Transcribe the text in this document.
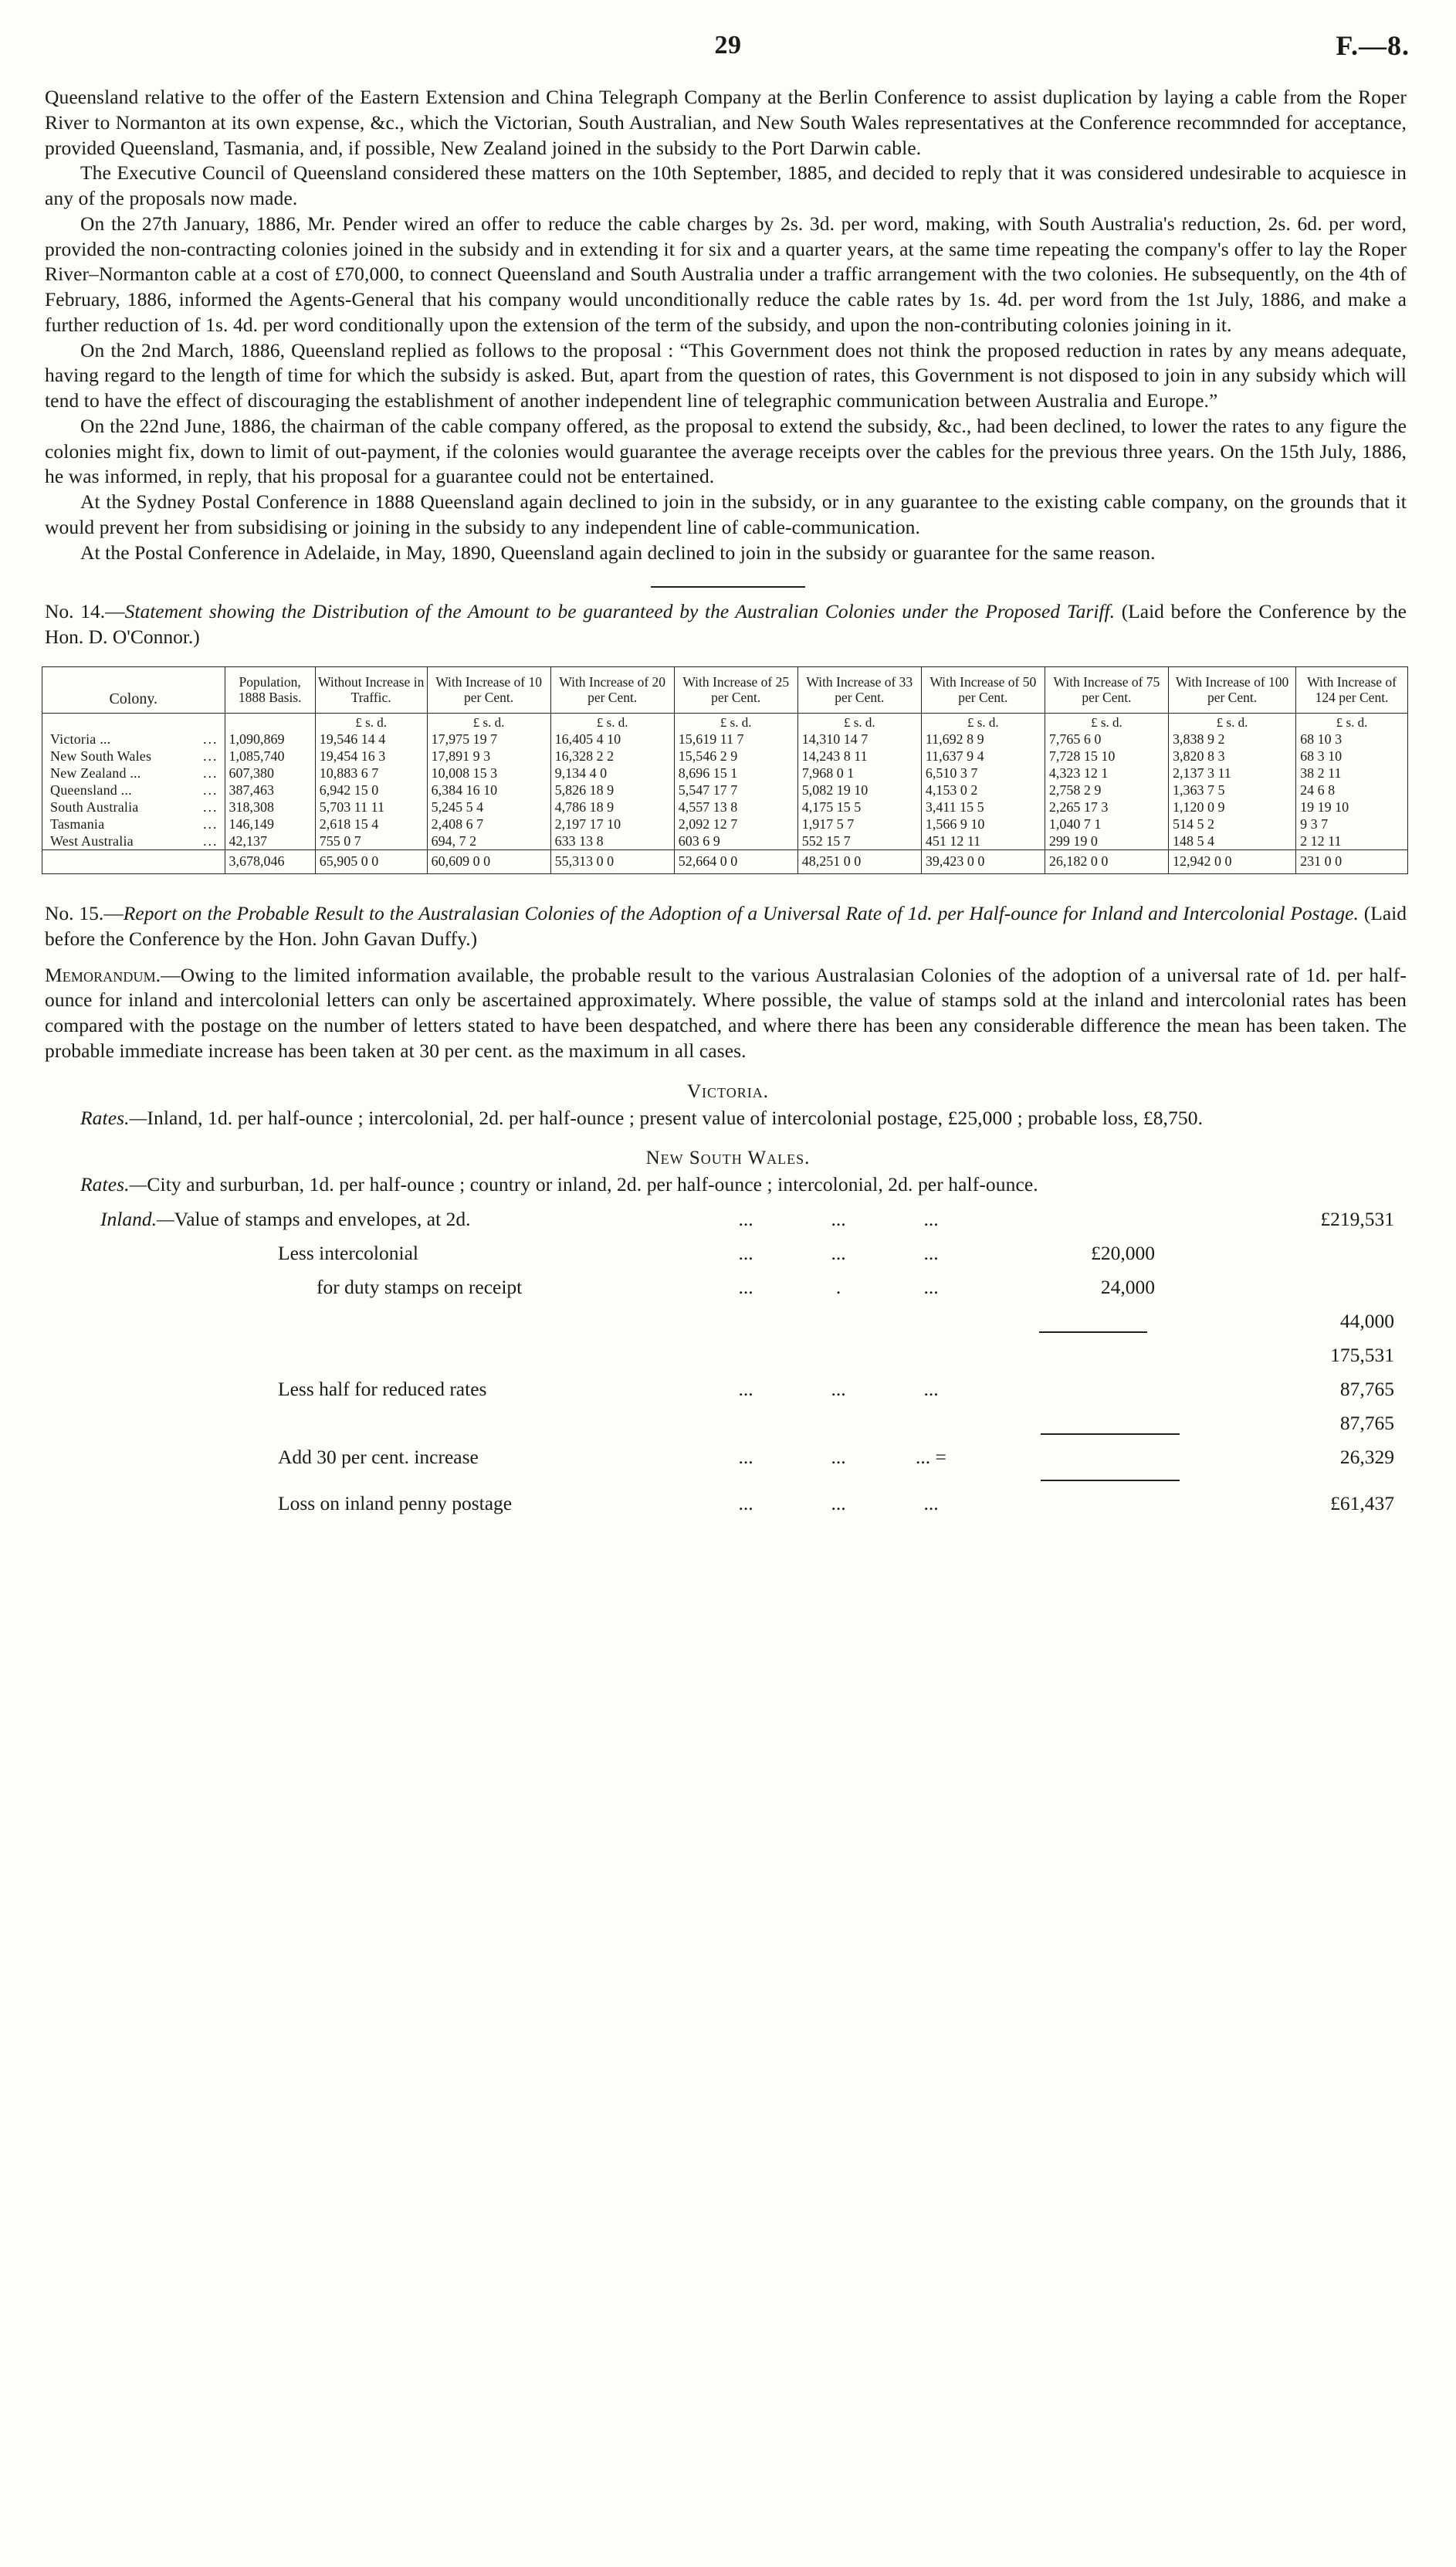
29	F.—8.

Queensland relative to the offer of the Eastern Extension and China Telegraph Company at the Berlin Conference to assist duplication by laying a cable from the Roper River to Normanton at its own expense, &c., which the Victorian, South Australian, and New South Wales representatives at the Conference recommnded for acceptance, provided Queensland, Tasmania, and, if possible, New Zealand joined in the subsidy to the Port Darwin cable.

The Executive Council of Queensland considered these matters on the 10th September, 1885, and decided to reply that it was considered undesirable to acquiesce in any of the proposals now made.

On the 27th January, 1886, Mr. Pender wired an offer to reduce the cable charges by 2s. 3d. per word, making, with South Australia's reduction, 2s. 6d. per word, provided the non-contracting colonies joined in the subsidy and in extending it for six and a quarter years, at the same time repeating the company's offer to lay the Roper River–Normanton cable at a cost of £70,000, to connect Queensland and South Australia under a traffic arrangement with the two colonies. He subsequently, on the 4th of February, 1886, informed the Agents-General that his company would unconditionally reduce the cable rates by 1s. 4d. per word from the 1st July, 1886, and make a further reduction of 1s. 4d. per word conditionally upon the extension of the term of the subsidy, and upon the non-contributing colonies joining in it.

On the 2nd March, 1886, Queensland replied as follows to the proposal : “This Government does not think the proposed reduction in rates by any means adequate, having regard to the length of time for which the subsidy is asked. But, apart from the question of rates, this Government is not disposed to join in any subsidy which will tend to have the effect of discouraging the establishment of another independent line of telegraphic communication between Australia and Europe.”

On the 22nd June, 1886, the chairman of the cable company offered, as the proposal to extend the subsidy, &c., had been declined, to lower the rates to any figure the colonies might fix, down to limit of out-payment, if the colonies would guarantee the average receipts over the cables for the previous three years. On the 15th July, 1886, he was informed, in reply, that his proposal for a guarantee could not be entertained.

At the Sydney Postal Conference in 1888 Queensland again declined to join in the subsidy, or in any guarantee to the existing cable company, on the grounds that it would prevent her from subsidising or joining in the subsidy to any independent line of cable-communication.

At the Postal Conference in Adelaide, in May, 1890, Queensland again declined to join in the subsidy or guarantee for the same reason.

No. 14.—Statement showing the Distribution of the Amount to be guaranteed by the Australian Colonies under the Proposed Tariff. (Laid before the Conference by the Hon. D. O'Connor.)
Colony.	Population, 1888 Basis.	Without Increase in Traffic.	With Increase of 10 per Cent.	With Increase of 20 per Cent.	With Increase of 25 per Cent.	With Increase of 33 per Cent.	With Increase of 50 per Cent.	With Increase of 75 per Cent.	With Increase of 100 per Cent.	With Increase of 124 per Cent.
		£ s. d.	£ s. d.	£ s. d.	£ s. d.	£ s. d.	£ s. d.	£ s. d.	£ s. d.	£ s. d.
Victoria ... ...	1,090,869	19,546 14 4	17,975 19 7	16,405 4 10	15,619 11 7	14,310 14 7	11,692 8 9	7,765 6 0	3,838 9 2	68 10 3
New South Wales ...	1,085,740	19,454 16 3	17,891 9 3	16,328 2 2	15,546 2 9	14,243 8 11	11,637 9 4	7,728 15 10	3,820 8 3	68 3 10
New Zealand ... ...	607,380	10,883 6 7	10,008 15 3	9,134 4 0	8,696 15 1	7,968 0 1	6,510 3 7	4,323 12 1	2,137 3 11	38 2 11
Queensland ... ...	387,463	6,942 15 0	6,384 16 10	5,826 18 9	5,547 17 7	5,082 19 10	4,153 0 2	2,758 2 9	1,363 7 5	24 6 8
South Australia ...	318,308	5,703 11 11	5,245 5 4	4,786 18 9	4,557 13 8	4,175 15 5	3,411 15 5	2,265 17 3	1,120 0 9	19 19 10
Tasmania ...	146,149	2,618 15 4	2,408 6 7	2,197 17 10	2,092 12 7	1,917 5 7	1,566 9 10	1,040 7 1	514 5 2	9 3 7
West Australia ...	42,137	755 0 7	694, 7 2	633 13 8	603 6 9	552 15 7	451 12 11	299 19 0	148 5 4	2 12 11
	3,678,046	65,905 0 0	60,609 0 0	55,313 0 0	52,664 0 0	48,251 0 0	39,423 0 0	26,182 0 0	12,942 0 0	231 0 0
No. 15.—Report on the Probable Result to the Australasian Colonies of the Adoption of a Universal Rate of 1d. per Half-ounce for Inland and Intercolonial Postage. (Laid before the Conference by the Hon. John Gavan Duffy.)

Memorandum.—Owing to the limited information available, the probable result to the various Australasian Colonies of the adoption of a universal rate of 1d. per half-ounce for inland and intercolonial letters can only be ascertained approximately. Where possible, the value of stamps sold at the inland and intercolonial rates has been compared with the postage on the number of letters stated to have been despatched, and where there has been any considerable difference the mean has been taken. The probable immediate increase has been taken at 30 per cent. as the maximum in all cases.

Victoria.

Rates.—Inland, 1d. per half-ounce ; intercolonial, 2d. per half-ounce ; present value of intercolonial postage, £25,000 ; probable loss, £8,750.

New South Wales.

Rates.—City and surburban, 1d. per half-ounce ; country or inland, 2d. per half-ounce ; intercolonial, 2d. per half-ounce.

Inland.—Value of stamps and envelopes, at 2d.	...	...	...		£219,531
Less intercolonial	...	...	...	£20,000	
for duty stamps on receipt	...	.	...	24,000	

					44,000
					175,531
Less half for reduced rates	...	...	...		87,765

					87,765
Add 30 per cent. increase	...	...	... =		26,329

Loss on inland penny postage	...	...	...		£61,437
